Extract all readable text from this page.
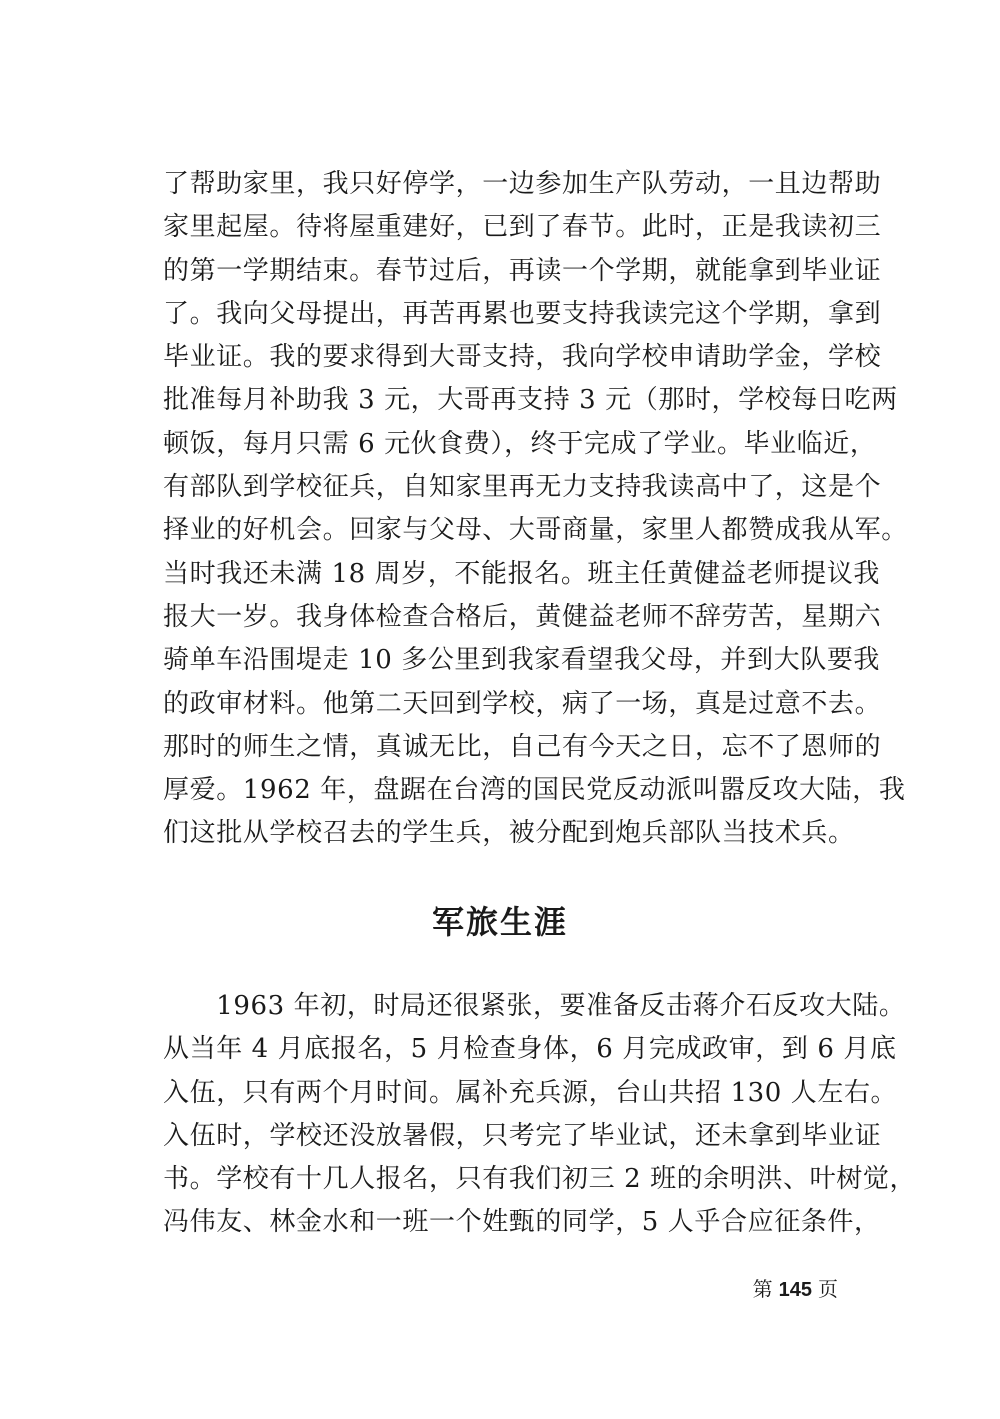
了帮助家里，我只好停学，一边参加生产队劳动，一且边帮助
家里起屋。待将屋重建好，已到了春节。此时，正是我读初三
的第一学期结束。春节过后，再读一个学期，就能拿到毕业证
了。我向父母提出，再苦再累也要支持我读完这个学期，拿到
毕业证。我的要求得到大哥支持，我向学校申请助学金，学校
批准每月补助我 3 元，大哥再支持 3 元（那时，学校每日吃两
顿饭，每月只需 6 元伙食费），终于完成了学业。毕业临近，
有部队到学校征兵，自知家里再无力支持我读高中了，这是个
择业的好机会。回家与父母、大哥商量，家里人都赞成我从军。
当时我还未满 18 周岁，不能报名。班主任黄健益老师提议我
报大一岁。我身体检查合格后，黄健益老师不辞劳苦，星期六
骑单车沿围堤走 10 多公里到我家看望我父母，并到大队要我
的政审材料。他第二天回到学校，病了一场，真是过意不去。
那时的师生之情，真诚无比，自己有今天之日，忘不了恩师的
厚爱。1962 年，盘踞在台湾的国民党反动派叫嚣反攻大陆，我
们这批从学校召去的学生兵，被分配到炮兵部队当技术兵。
军旅生涯
　　1963 年初，时局还很紧张，要准备反击蒋介石反攻大陆。
从当年 4 月底报名，5 月检查身体，6 月完成政审，到 6 月底
入伍，只有两个月时间。属补充兵源，台山共招 130 人左右。
入伍时，学校还没放暑假，只考完了毕业试，还未拿到毕业证
书。学校有十几人报名，只有我们初三 2 班的余明洪、叶树觉，
冯伟友、林金水和一班一个姓甄的同学，5 人乎合应征条件，
第 145 页
